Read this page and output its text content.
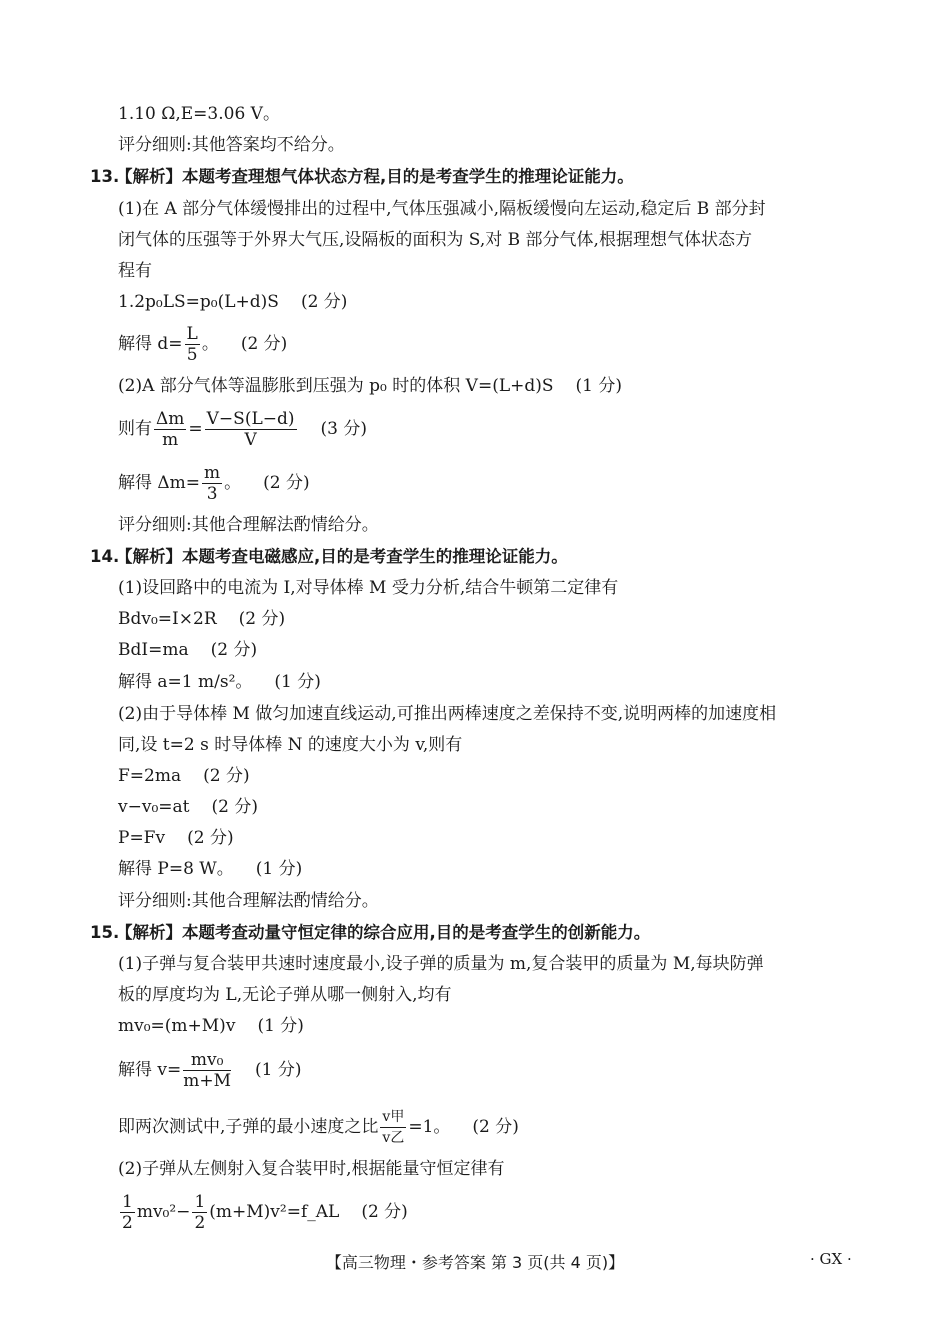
1.10 Ω,E=3.06 V。
评分细则:其他答案均不给分。
13.
【解析】本题考查理想气体状态方程,目的是考查学生的推理论证能力。
(1)在 A 部分气体缓慢排出的过程中,气体压强减小,隔板缓慢向左运动,稳定后 B 部分封
闭气体的压强等于外界大气压,设隔板的面积为 S,对 B 部分气体,根据理想气体状态方
程有
1.2p₀LS=p₀(L+d)S (2 分)
解得 $d= \frac{L}{5}$ 。 (2 分)
(2)A 部分气体等温膨胀到压强为 p₀ 时的体积 V=(L+d)S (1 分)
则有 $\frac{\Delta m}{m} = \frac{V-S(L-d)}{V} (3$ 分)
解得 $\Delta m= \frac{m}{3}$ 。 (2 分)
评分细则:其他合理解法酌情给分。
14.
【解析】本题考查电磁感应,目的是考查学生的推理论证能力。
(1)设回路中的电流为 I,对导体棒 M 受力分析,结合牛顿第二定律有
Bdv₀=I×2R (2 分)
BdI=ma (2 分)
解得 a=1 m/s²。 (1 分)
(2)由于导体棒 M 做匀加速直线运动,可推出两棒速度之差保持不变,说明两棒的加速度相
同,设 t=2 s 时导体棒 N 的速度大小为 v,则有
F=2ma (2 分)
v−v₀=at (2 分)
P=Fv (2 分)
解得 P=8 W。 (1 分)
评分细则:其他合理解法酌情给分。
15.
【解析】本题考查动量守恒定律的综合应用,目的是考查学生的创新能力。
(1)子弹与复合装甲共速时速度最小,设子弹的质量为 m,复合装甲的质量为 M,每块防弹
板的厚度均为 L,无论子弹从哪一侧射入,均有
mv₀=(m+M)v (1 分)
解得 $v= \frac{\text{mv₀}}{m+M} (1$ 分)
即两次测试中,子弹的最小速度之比 $\frac{\text{v甲}}{\text{v乙}} =1$。 (2 分)
(2)子弹从左侧射入复合装甲时,根据能量守恒定律有
$\frac{1}{2} mv_0^2- \frac{1}{2}$ (m+M)v²=f_AL (2 分)
【高三物理・参考答案 第 3 页(共 4 页)】	· GX ·
